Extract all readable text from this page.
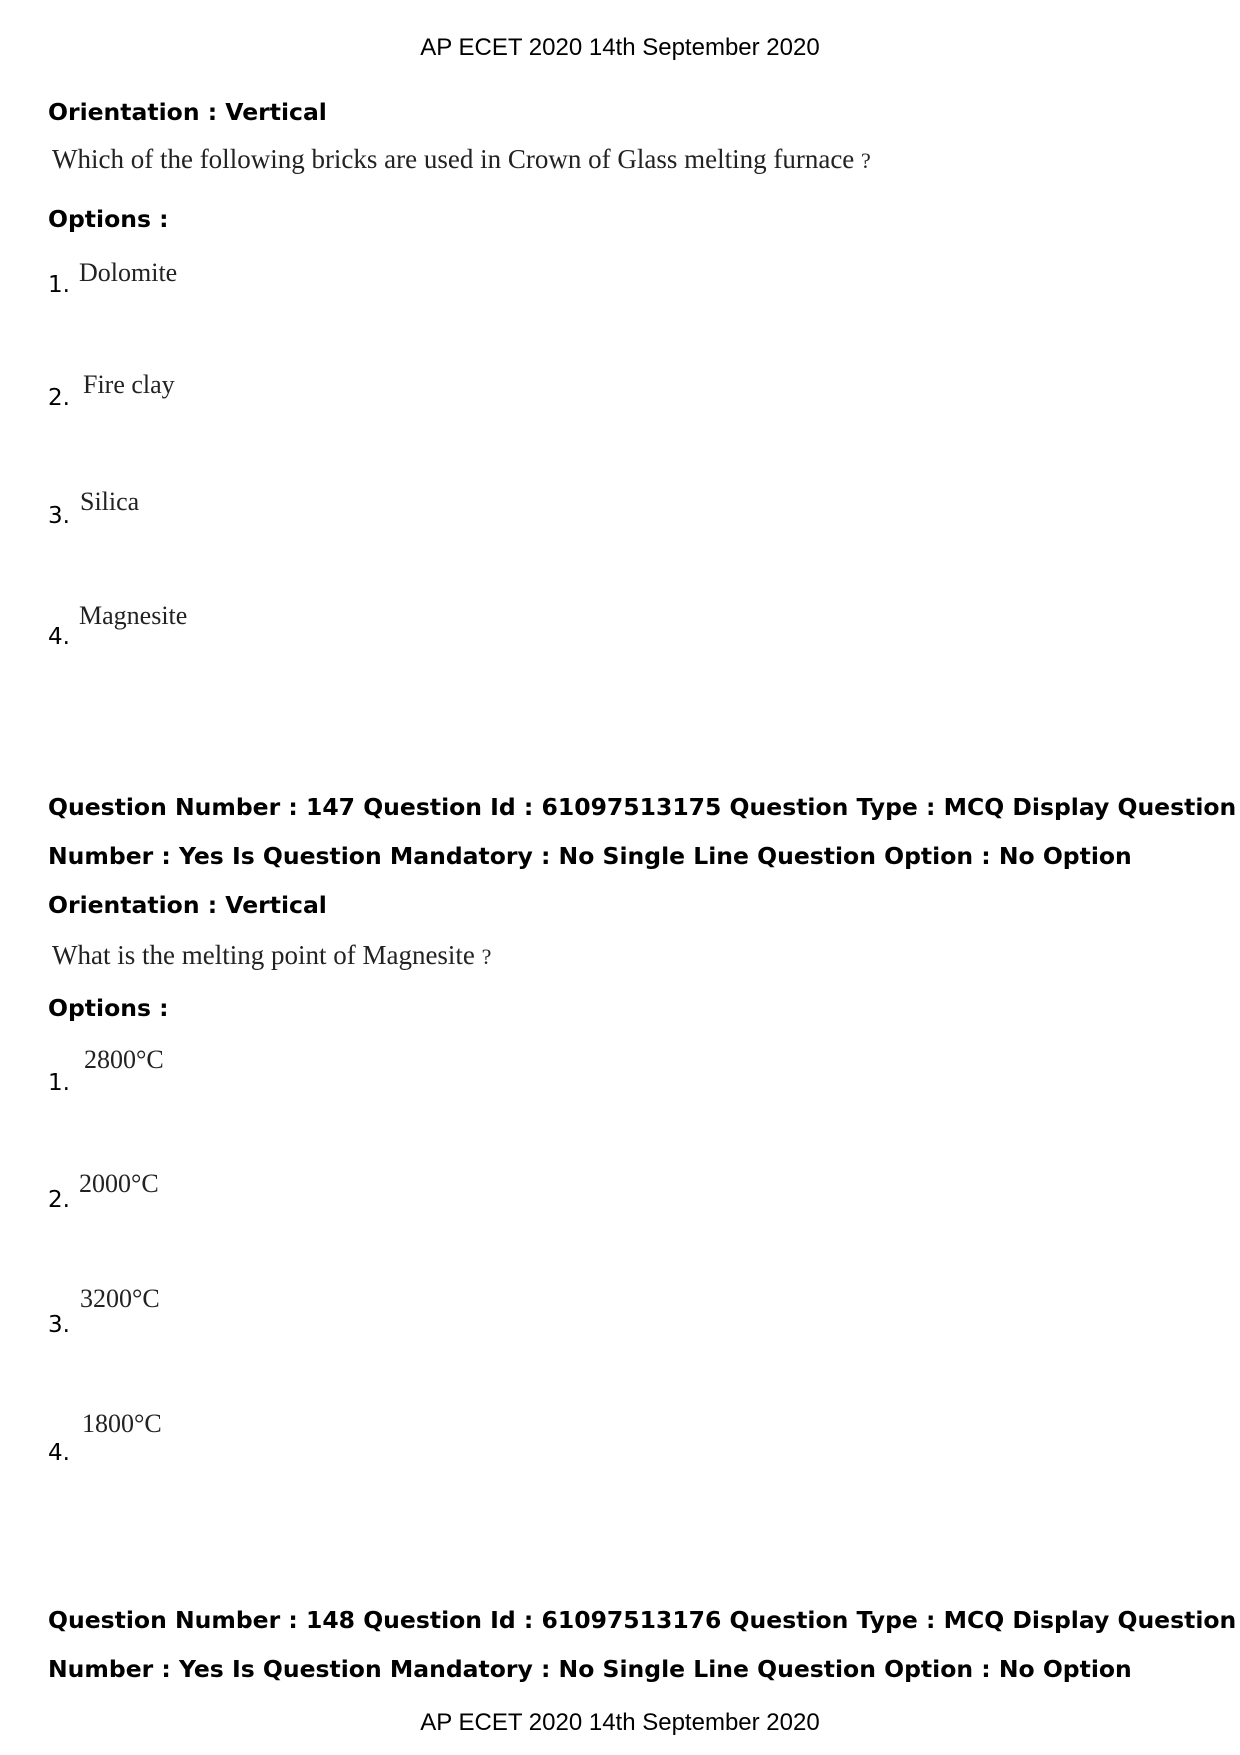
AP ECET 2020 14th September 2020
Orientation : Vertical
Which of the following bricks are used in Crown of Glass melting furnace ?
Options :
1. Dolomite
2. Fire clay
3. Silica
4.
Magnesite
Question Number : 147 Question Id : 61097513175 Question Type : MCQ Display Question
Number : Yes Is Question Mandatory : No Single Line Question Option : No Option
Orientation : Vertical
What is the melting point of Magnesite ?
Options :
1.
2800°C
2.
2000°C
3.
3200°C
4.
1800°C
Question Number : 148 Question Id : 61097513176 Question Type : MCQ Display Question
Number : Yes Is Question Mandatory : No Single Line Question Option : No Option
AP ECET 2020 14th September 2020
